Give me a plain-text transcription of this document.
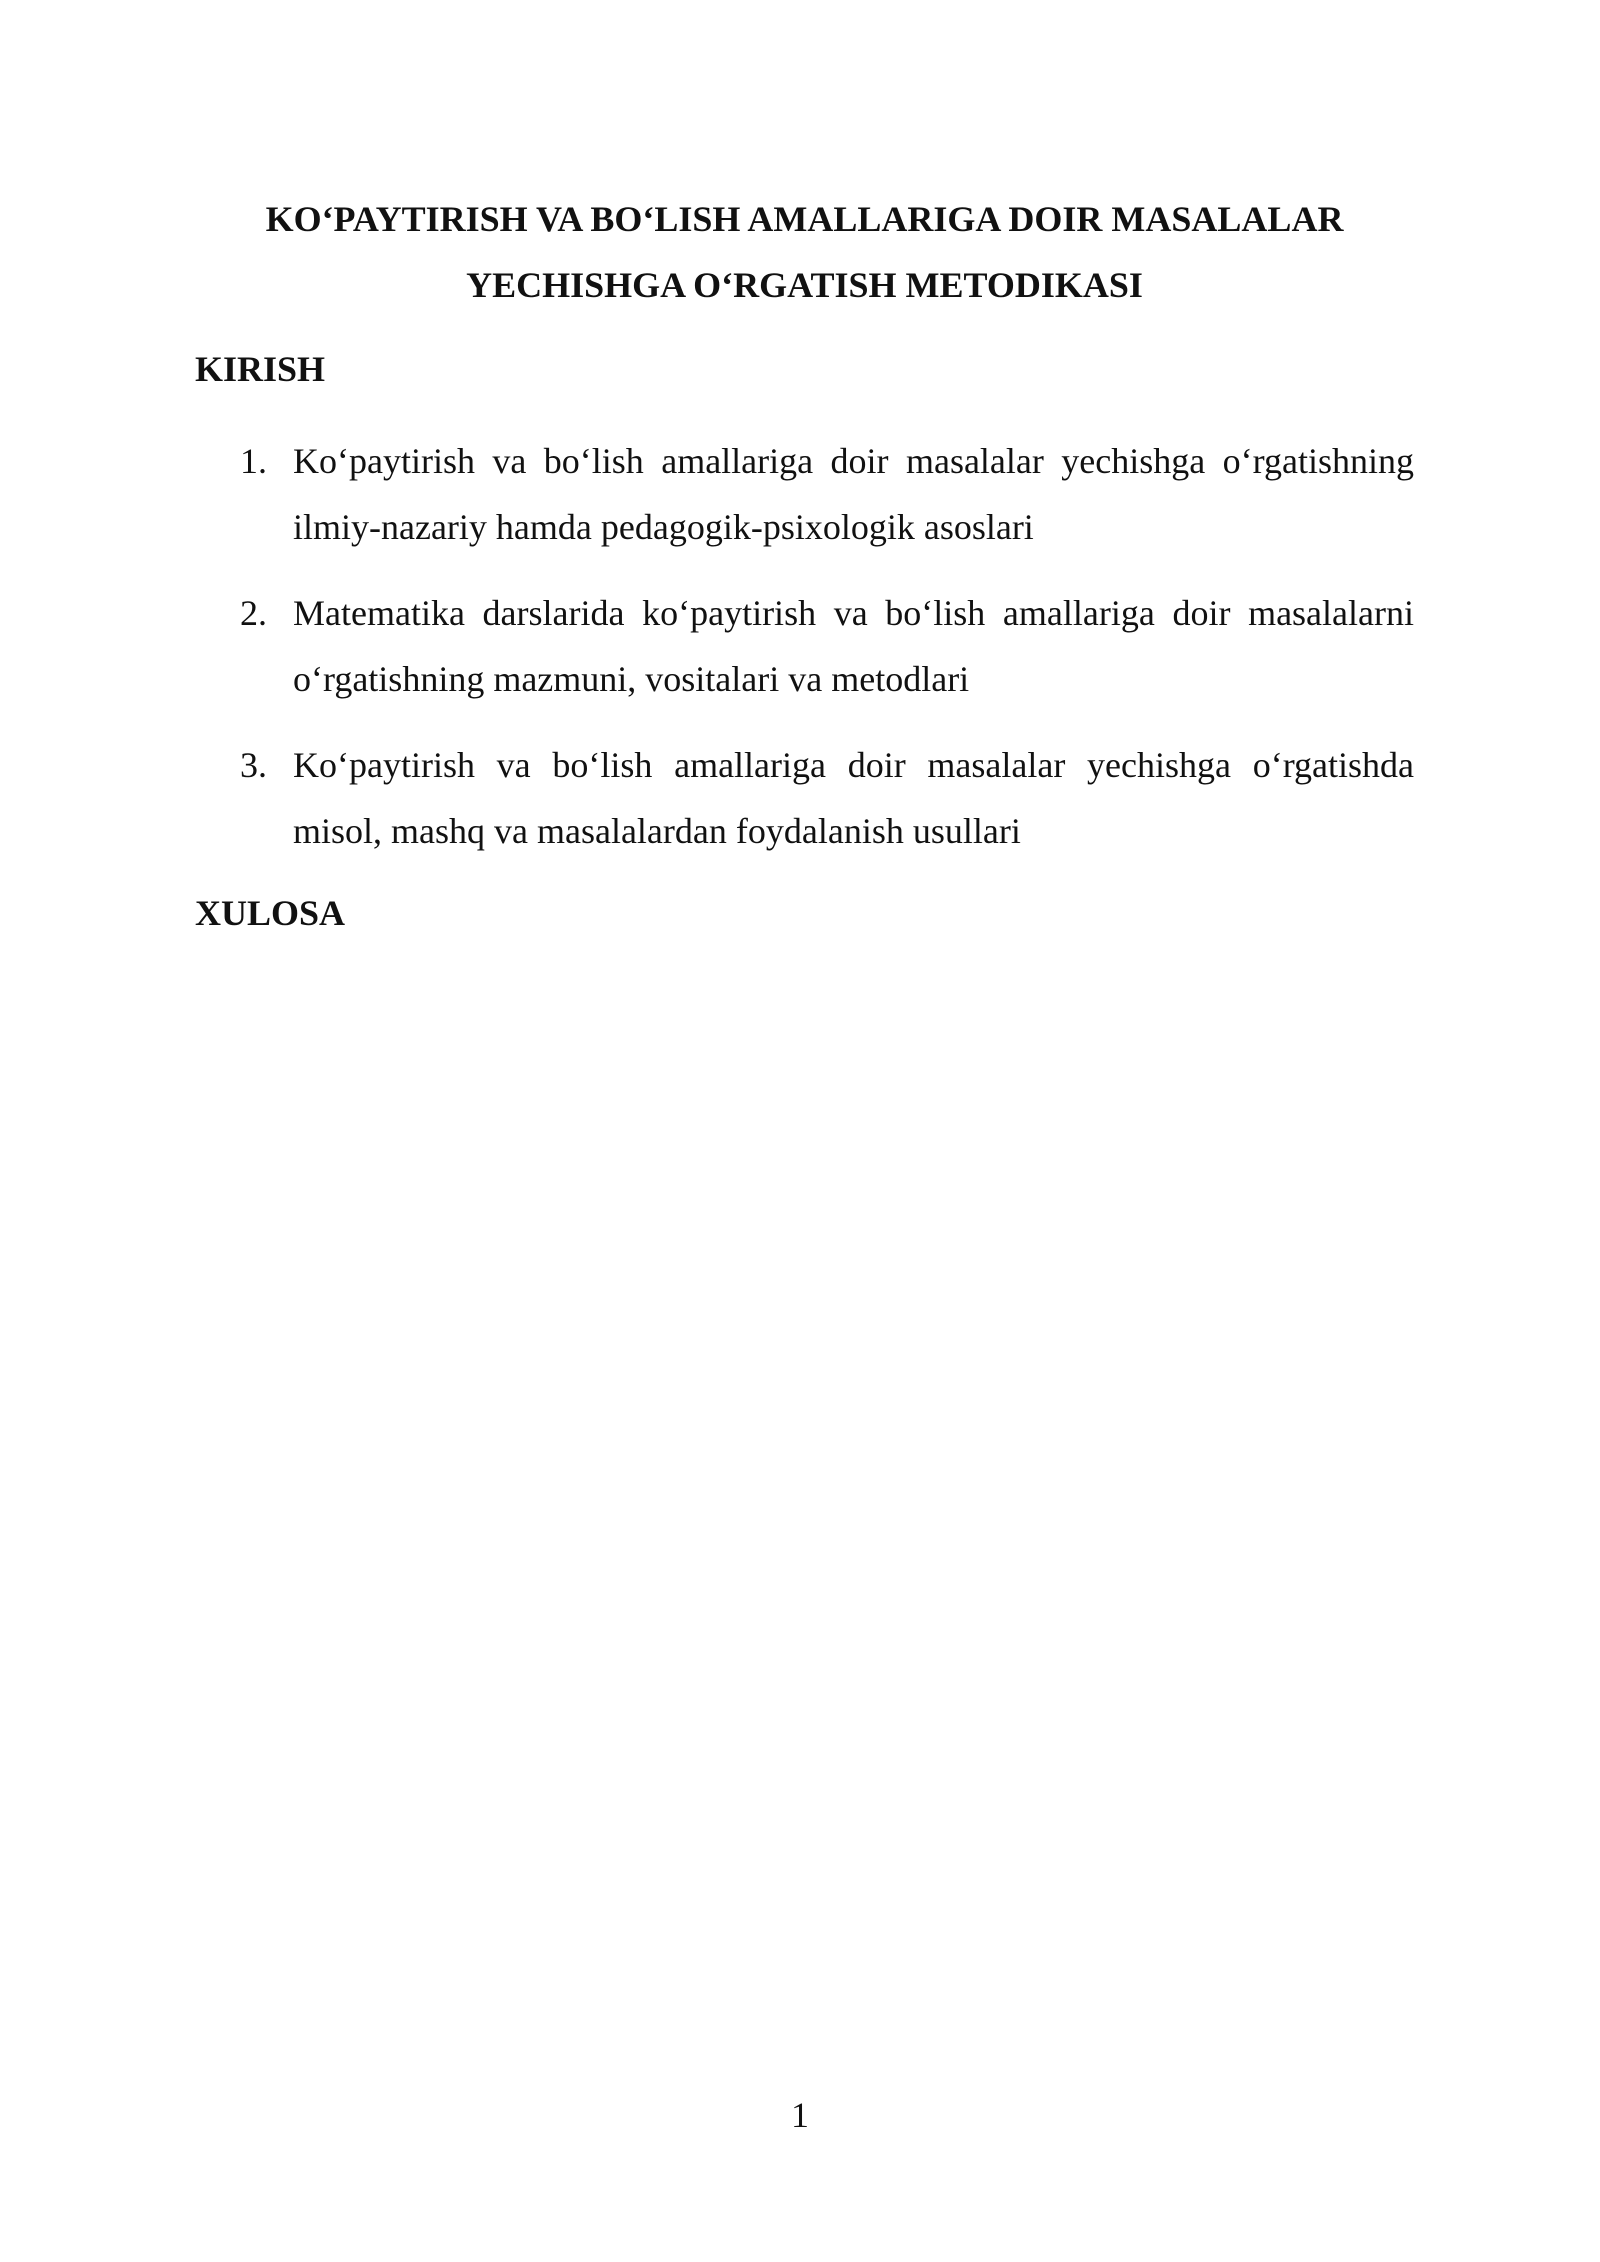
KO‘PAYTIRISH VA BO‘LISH AMALLARIGA DOIR MASALALAR
YECHISHGA O‘RGATISH METODIKASI
KIRISH
1. Ko‘paytirish va bo‘lish amallariga doir masalalar yechishga o‘rgatishning ilmiy-nazariy hamda pedagogik-psixologik asoslari
2. Matematika darslarida ko‘paytirish va bo‘lish amallariga doir masalalarni o‘rgatishning mazmuni, vositalari va metodlari
3. Ko‘paytirish va bo‘lish amallariga doir masalalar yechishga o‘rgatishda misol, mashq va masalalardan foydalanish usullari
XULOSA
1
